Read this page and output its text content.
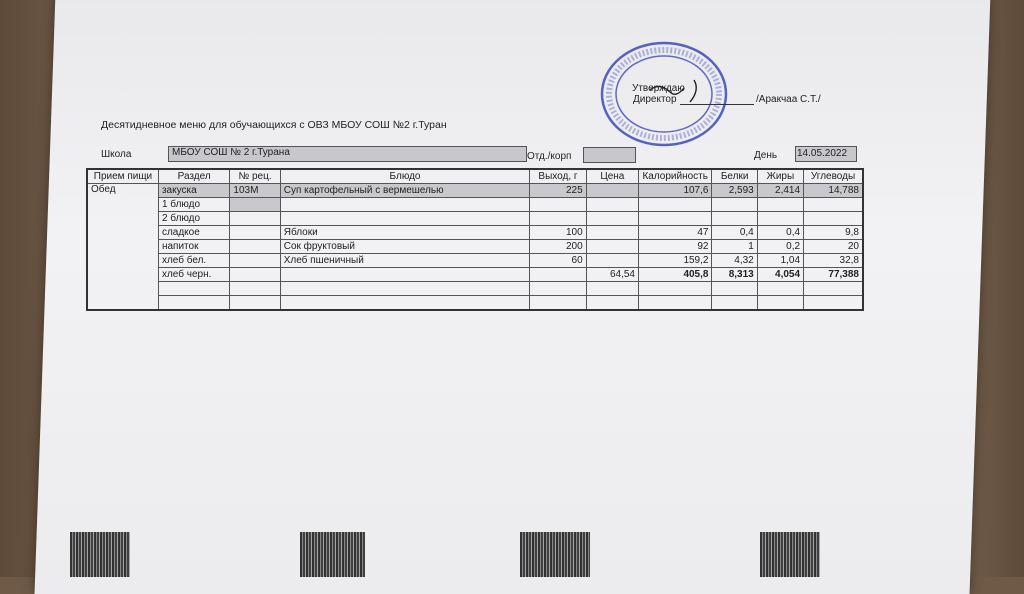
Утверждаю
Директор	/Аракчаа С.Т./
Десятидневное меню для обучающихся с ОВЗ МБОУ СОШ №2 г.Туран
Школа	МБОУ СОШ № 2 г.Турана	Отд./корп	День 14.05.2022
Прием пищи	Раздел	№ рец.	Блюдо	Выход, г	Цена	Калорийность	Белки	Жиры	Углеводы
Обед	закуска	103М	Суп картофельный с вермешелью	225		107,6	2,593	2,414	14,788
	1 блюдо								
	2 блюдо								
	сладкое		Яблоки	100		47	0,4	0,4	9,8
	напиток		Сок фруктовый	200		92	1	0,2	20
	хлеб бел.		Хлеб пшеничный	60		159,2	4,32	1,04	32,8
	хлеб черн.				64,54	405,8	8,313	4,054	77,388
